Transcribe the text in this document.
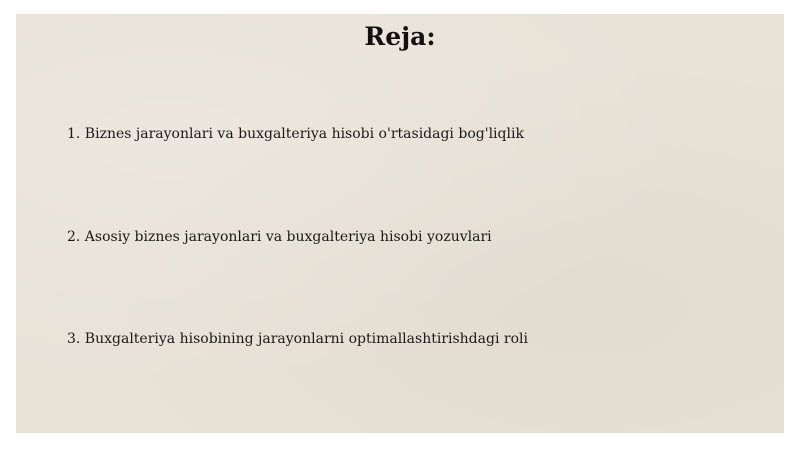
Reja:
1. Biznes jarayonlari va buxgalteriya hisobi o'rtasidagi bog'liqlik
2. Asosiy biznes jarayonlari va buxgalteriya hisobi yozuvlari
3. Buxgalteriya hisobining jarayonlarni optimallashtirishdagi roli
